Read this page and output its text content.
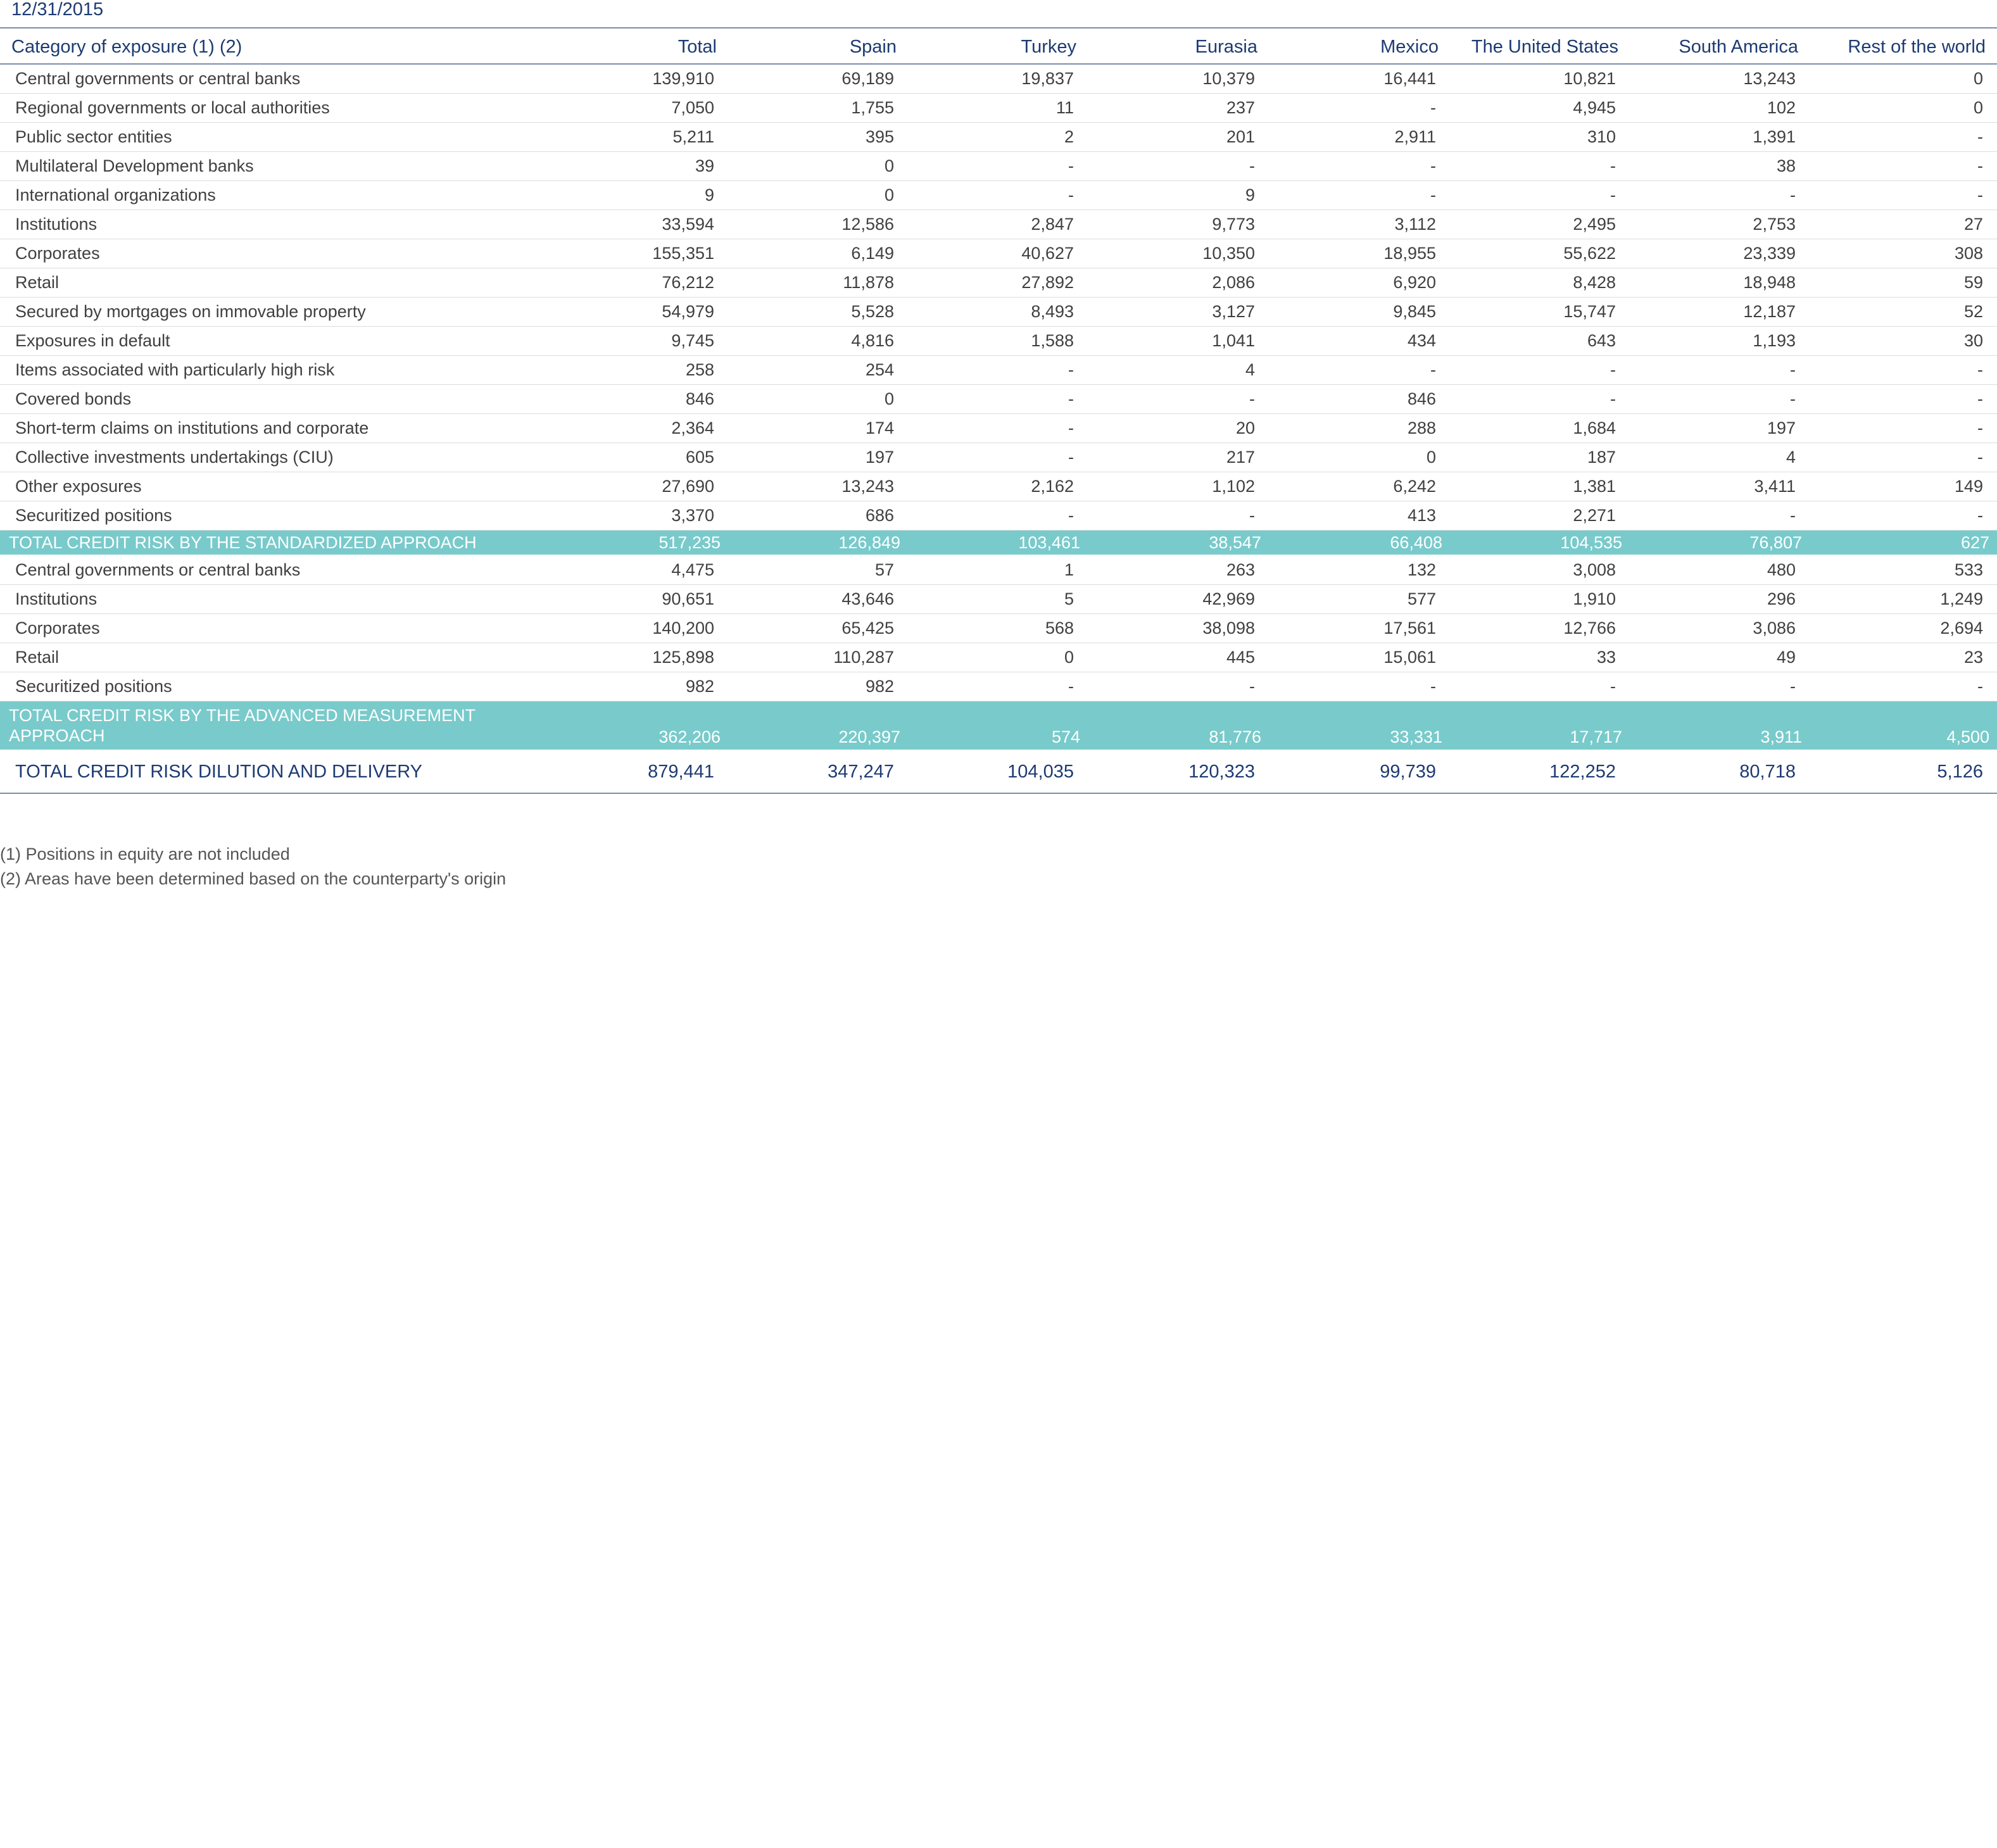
12/31/2015
Category of exposure (1) (2)	Total	Spain	Turkey	Eurasia	Mexico	The United States	South America	Rest of the world
Central governments or central banks	139,910	69,189	19,837	10,379	16,441	10,821	13,243	0
Regional governments or local authorities	7,050	1,755	11	237	-	4,945	102	0
Public sector entities	5,211	395	2	201	2,911	310	1,391	-
Multilateral Development banks	39	0	-	-	-	-	38	-
International organizations	9	0	-	9	-	-	-	-
Institutions	33,594	12,586	2,847	9,773	3,112	2,495	2,753	27
Corporates	155,351	6,149	40,627	10,350	18,955	55,622	23,339	308
Retail	76,212	11,878	27,892	2,086	6,920	8,428	18,948	59
Secured by mortgages on immovable property	54,979	5,528	8,493	3,127	9,845	15,747	12,187	52
Exposures in default	9,745	4,816	1,588	1,041	434	643	1,193	30
Items associated with particularly high risk	258	254	-	4	-	-	-	-
Covered bonds	846	0	-	-	846	-	-	-
Short-term claims on institutions and corporate	2,364	174	-	20	288	1,684	197	-
Collective investments undertakings (CIU)	605	197	-	217	0	187	4	-
Other exposures	27,690	13,243	2,162	1,102	6,242	1,381	3,411	149
Securitized positions	3,370	686	-	-	413	2,271	-	-
TOTAL CREDIT RISK BY THE STANDARDIZED APPROACH	517,235	126,849	103,461	38,547	66,408	104,535	76,807	627
Central governments or central banks	4,475	57	1	263	132	3,008	480	533
Institutions	90,651	43,646	5	42,969	577	1,910	296	1,249
Corporates	140,200	65,425	568	38,098	17,561	12,766	3,086	2,694
Retail	125,898	110,287	0	445	15,061	33	49	23
Securitized positions	982	982	-	-	-	-	-	-
TOTAL CREDIT RISK BY THE ADVANCED MEASUREMENT APPROACH	362,206	220,397	574	81,776	33,331	17,717	3,911	4,500
TOTAL CREDIT RISK DILUTION AND DELIVERY	879,441	347,247	104,035	120,323	99,739	122,252	80,718	5,126
(1) Positions in equity are not included
(2) Areas have been determined based on the counterparty's origin
